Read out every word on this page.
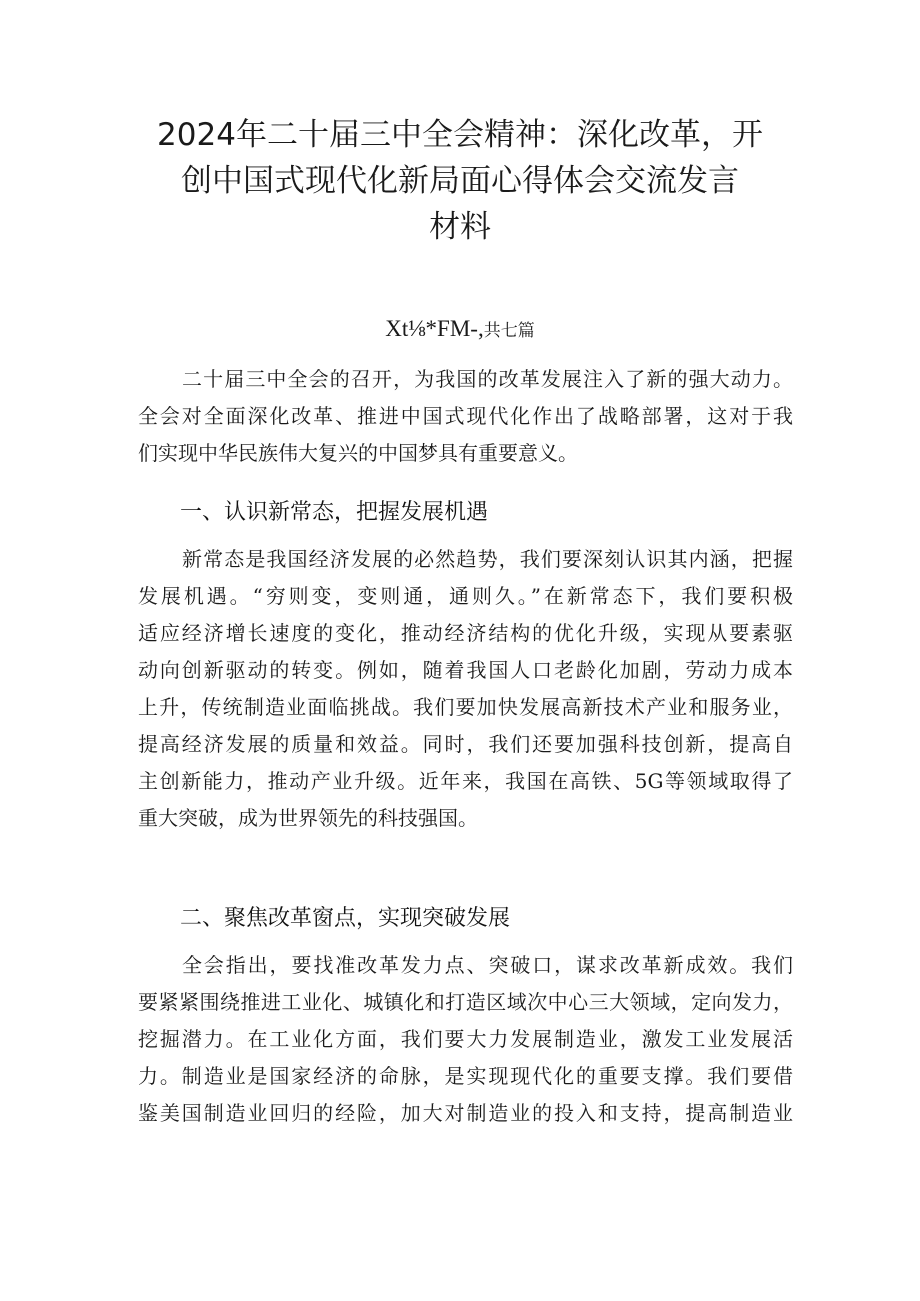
2024年二十届三中全会精神：深化改革，开
创中国式现代化新局面心得体会交流发言
材料
Xt⅛*FM-,共七篇

二十届三中全会的召开，为我国的改革发展注入了新的强大动力。
全会对全面深化改革、推进中国式现代化作出了战略部署，这对于我
们实现中华民族伟大复兴的中国梦具有重要意义。

一、认识新常态，把握发展机遇

新常态是我国经济发展的必然趋势，我们要深刻认识其内涵，把握
发展机遇。“穷则变，变则通，通则久。”在新常态下，我们要积极
适应经济增长速度的变化，推动经济结构的优化升级，实现从要素驱
动向创新驱动的转变。例如，随着我国人口老龄化加剧，劳动力成本
上升，传统制造业面临挑战。我们要加快发展高新技术产业和服务业，
提高经济发展的质量和效益。同时，我们还要加强科技创新，提高自
主创新能力，推动产业升级。近年来，我国在高铁、5G等领域取得了
重大突破，成为世界领先的科技强国。

二、聚焦改革窗点，实现突破发展

全会指出，要找准改革发力点、突破口，谋求改革新成效。我们
要紧紧围绕推进工业化、城镇化和打造区域次中心三大领域，定向发力，
挖掘潜力。在工业化方面，我们要大力发展制造业，激发工业发展活
力。制造业是国家经济的命脉，是实现现代化的重要支撑。我们要借
鉴美国制造业回归的经险，加大对制造业的投入和支持，提高制造业
